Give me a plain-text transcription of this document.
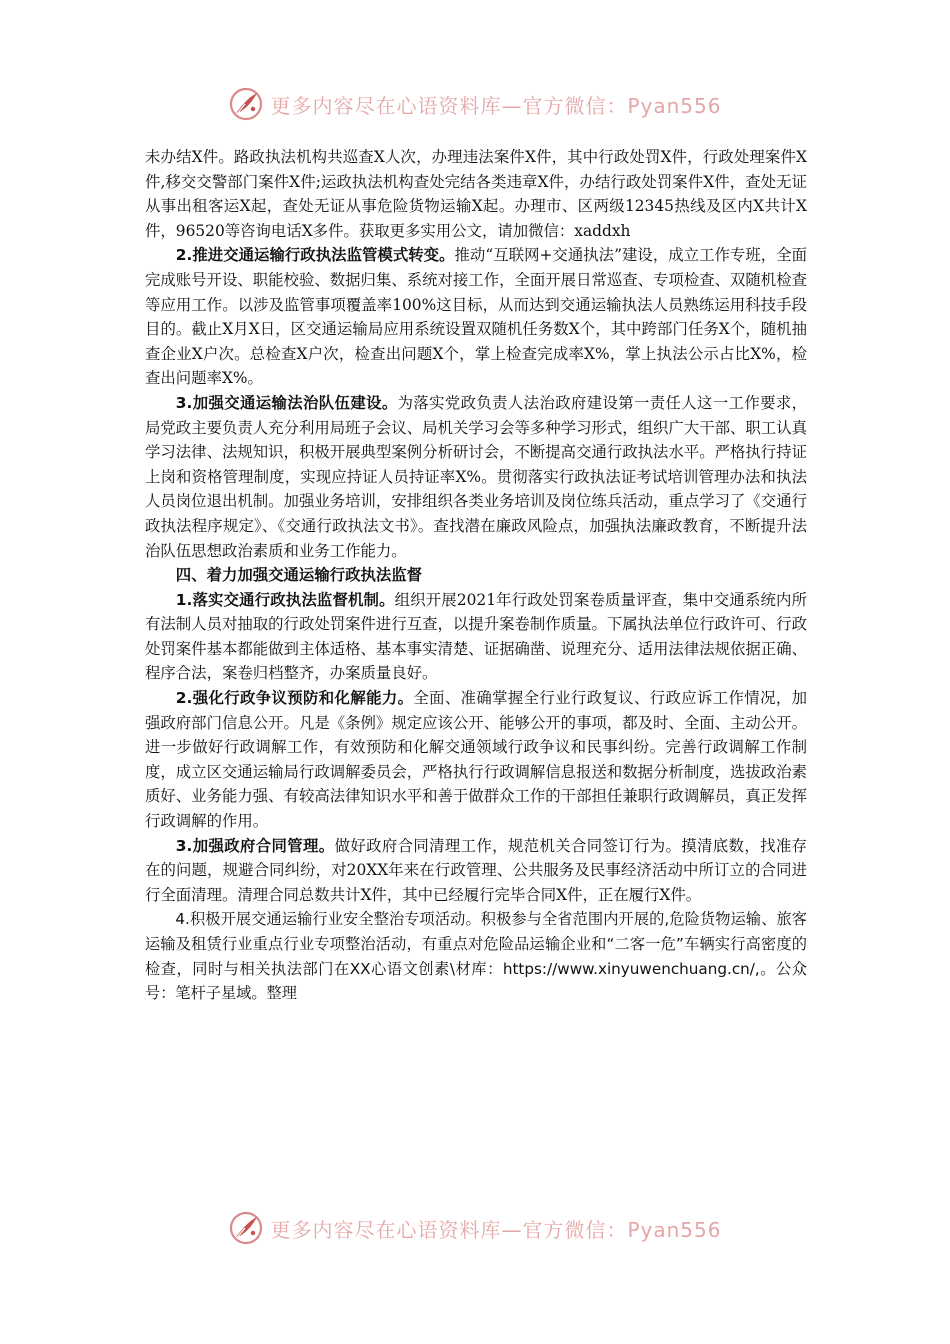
更多内容尽在心语资料库—官方微信：Pyan556

未办结X件。路政执法机构共巡查X人次，办理违法案件X件，其中行政处罚X件，行政处理案件X件,移交交警部门案件X件;运政执法机构查处完结各类违章X件，办结行政处罚案件X件，查处无证从事出租客运X起，查处无证从事危险货物运输X起。办理市、区两级12345热线及区内X共计X件，96520等咨询电话X多件。获取更多实用公文，请加微信：xaddxh

2.推进交通运输行政执法监管模式转变。推动“互联网+交通执法”建设，成立工作专班，全面完成账号开设、职能校验、数据归集、系统对接工作，全面开展日常巡查、专项检查、双随机检查等应用工作。以涉及监管事项覆盖率100%这目标，从而达到交通运输执法人员熟练运用科技手段目的。截止X月X日，区交通运输局应用系统设置双随机任务数X个，其中跨部门任务X个，随机抽查企业X户次。总检查X户次，检查出问题X个，掌上检查完成率X%，掌上执法公示占比X%，检查出问题率X%。

3.加强交通运输法治队伍建设。为落实党政负责人法治政府建设第一责任人这一工作要求，局党政主要负责人充分利用局班子会议、局机关学习会等多种学习形式，组织广大干部、职工认真学习法律、法规知识，积极开展典型案例分析研讨会，不断提高交通行政执法水平。严格执行持证上岗和资格管理制度，实现应持证人员持证率X%。贯彻落实行政执法证考试培训管理办法和执法人员岗位退出机制。加强业务培训，安排组织各类业务培训及岗位练兵活动，重点学习了《交通行政执法程序规定》、《交通行政执法文书》。查找潜在廉政风险点，加强执法廉政教育，不断提升法治队伍思想政治素质和业务工作能力。

四、着力加强交通运输行政执法监督

1.落实交通行政执法监督机制。组织开展2021年行政处罚案卷质量评查，集中交通系统内所有法制人员对抽取的行政处罚案件进行互查，以提升案卷制作质量。下属执法单位行政许可、行政处罚案件基本都能做到主体适格、基本事实清楚、证据确凿、说理充分、适用法律法规依据正确、程序合法，案卷归档整齐，办案质量良好。

2.强化行政争议预防和化解能力。全面、准确掌握全行业行政复议、行政应诉工作情况，加强政府部门信息公开。凡是《条例》规定应该公开、能够公开的事项，都及时、全面、主动公开。进一步做好行政调解工作，有效预防和化解交通领域行政争议和民事纠纷。完善行政调解工作制度，成立区交通运输局行政调解委员会，严格执行行政调解信息报送和数据分析制度，选拔政治素质好、业务能力强、有较高法律知识水平和善于做群众工作的干部担任兼职行政调解员，真正发挥行政调解的作用。

3.加强政府合同管理。做好政府合同清理工作，规范机关合同签订行为。摸清底数，找准存在的问题，规避合同纠纷，对20XX年来在行政管理、公共服务及民事经济活动中所订立的合同进行全面清理。清理合同总数共计X件，其中已经履行完毕合同X件，正在履行X件。

4.积极开展交通运输行业安全整治专项活动。积极参与全省范围内开展的,危险货物运输、旅客运输及租赁行业重点行业专项整治活动，有重点对危险品运输企业和“二客一危”车辆实行高密度的检查，同时与相关执法部门在XX心语文创素\材库：https://www.xinyuwenchuang.cn/,。公众号：笔杆子星域。整理

更多内容尽在心语资料库—官方微信：Pyan556
